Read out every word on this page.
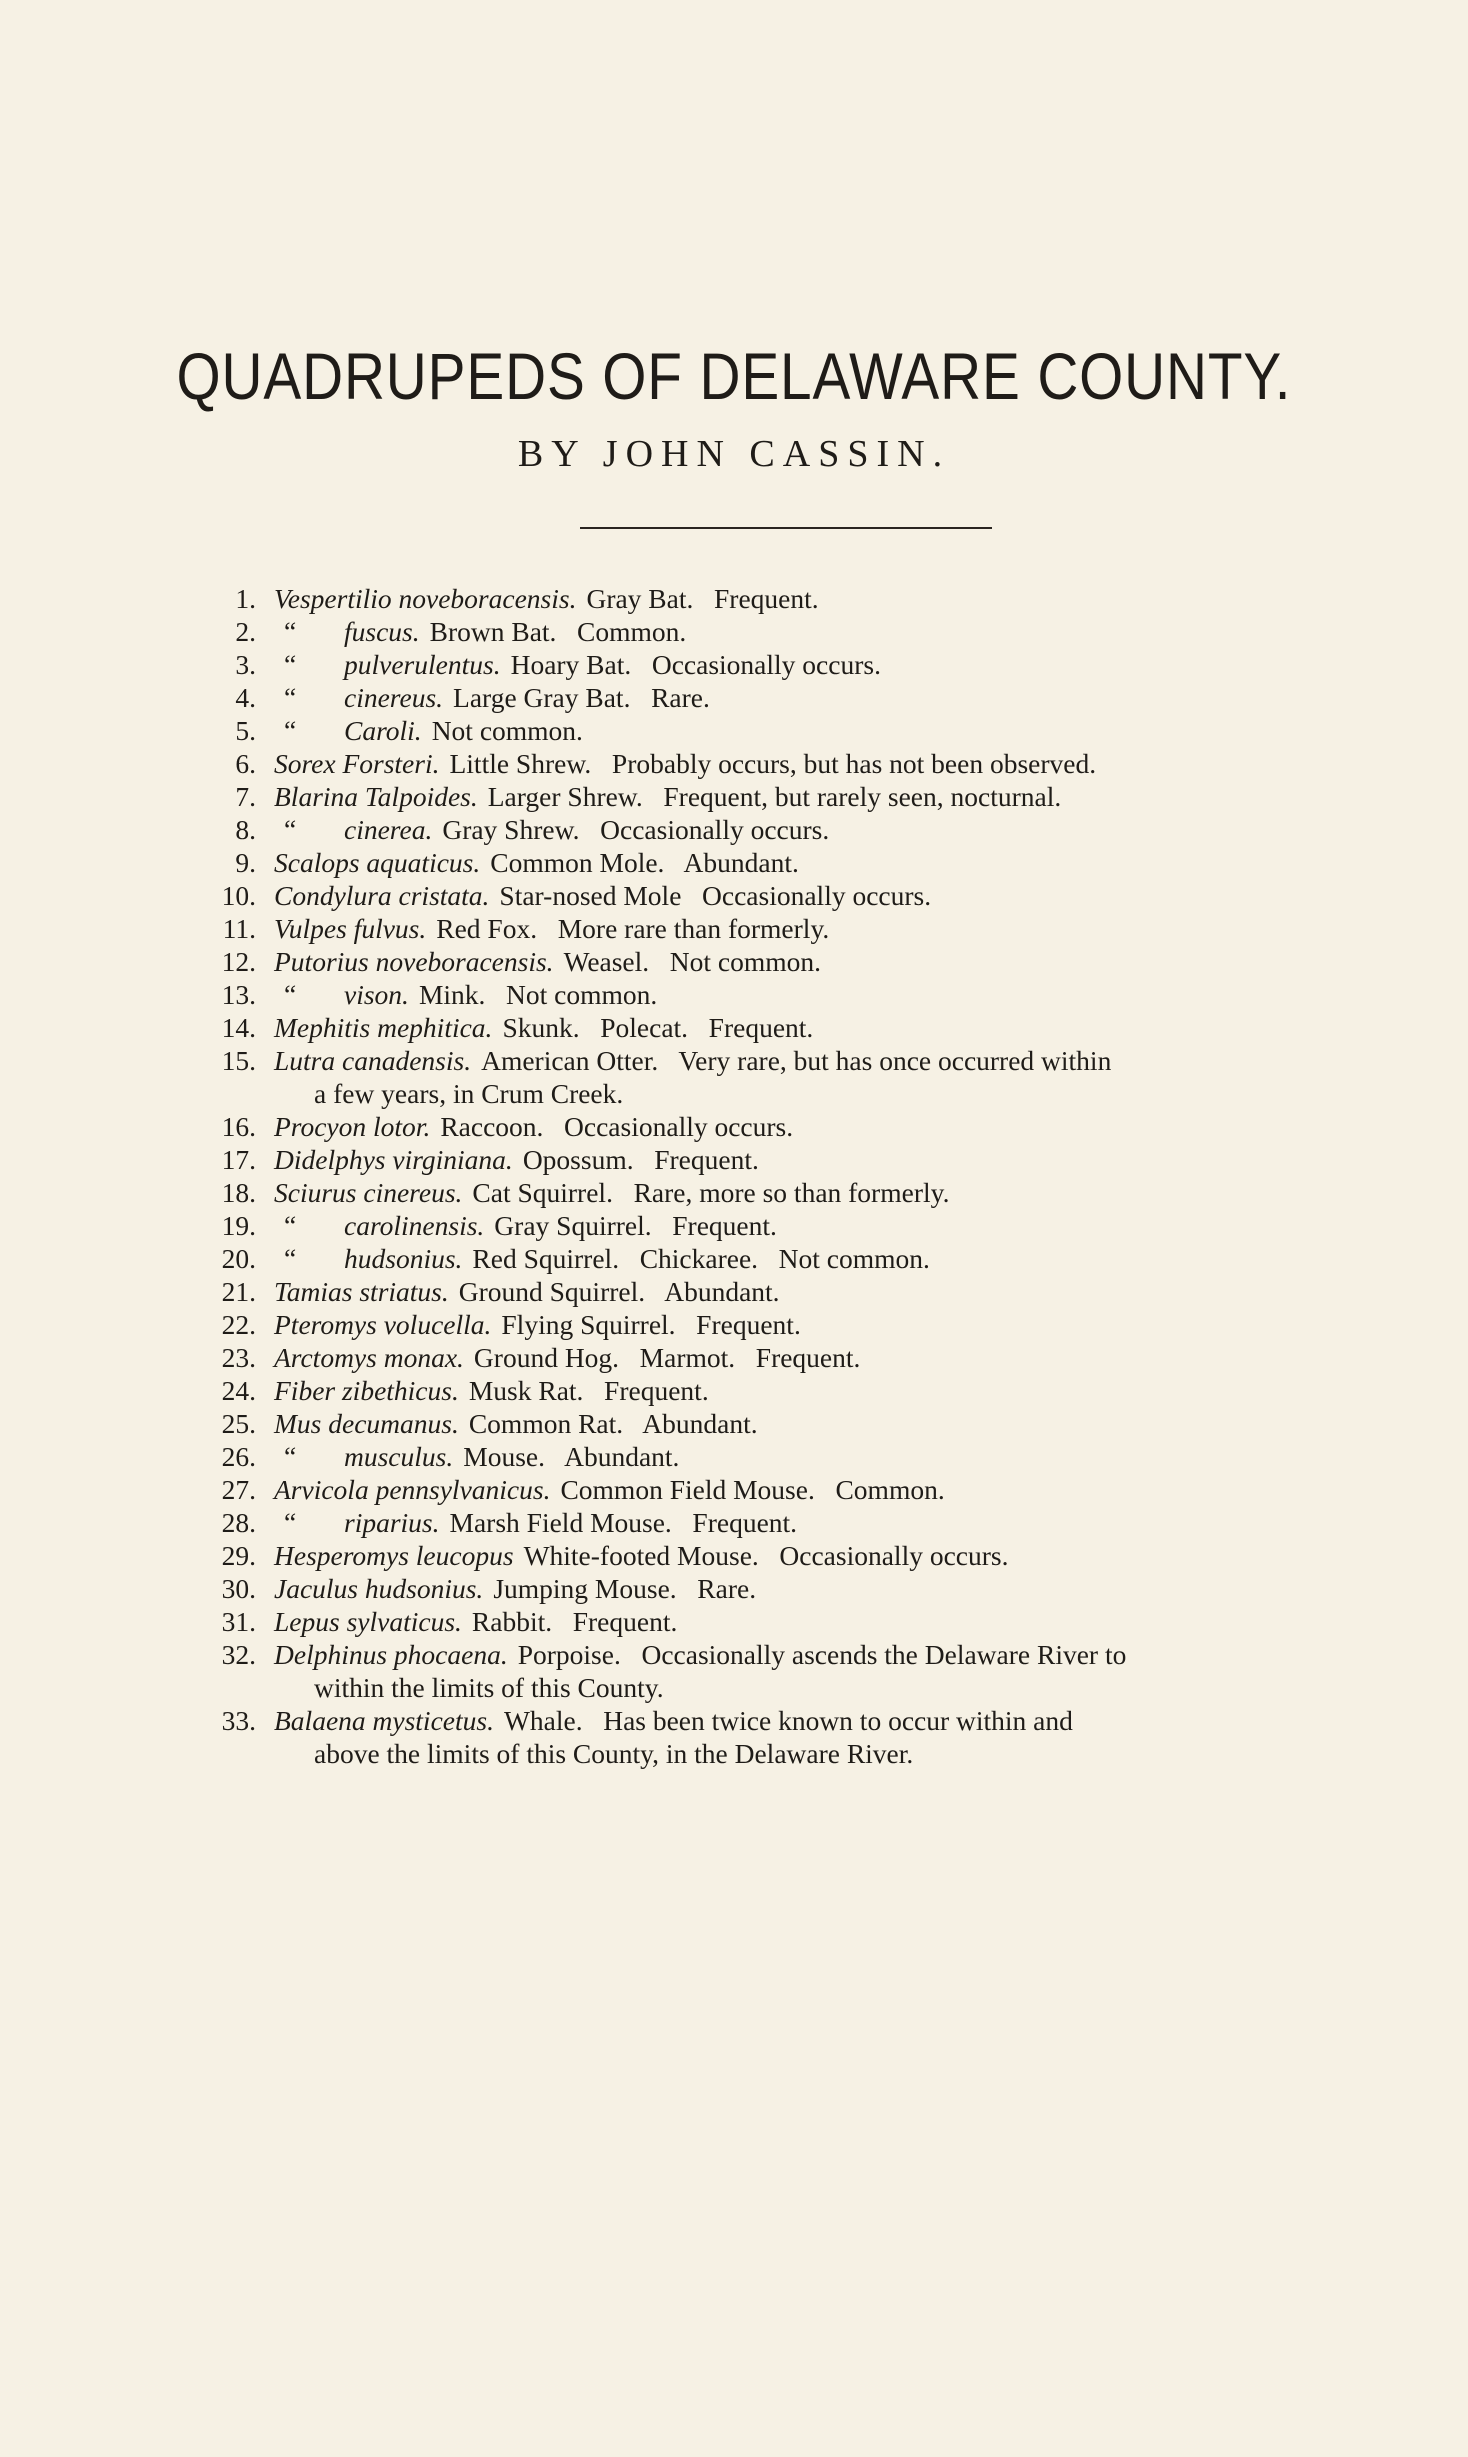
QUADRUPEDS OF DELAWARE COUNTY.

BY JOHN CASSIN.

1. Vespertilio noveboracensis. Gray Bat.   Frequent.
2. “ fuscus. Brown Bat.   Common.
3. “ pulverulentus. Hoary Bat.   Occasionally occurs.
4. “ cinereus. Large Gray Bat.   Rare.
5. “ Caroli. Not common.
6. Sorex Forsteri. Little Shrew.   Probably occurs, but has not been observed.
7. Blarina Talpoides. Larger Shrew.   Frequent, but rarely seen, nocturnal.
8. “ cinerea. Gray Shrew.   Occasionally occurs.
9. Scalops aquaticus. Common Mole.   Abundant.
10. Condylura cristata. Star-nosed Mole   Occasionally occurs.
11. Vulpes fulvus. Red Fox.   More rare than formerly.
12. Putorius noveboracensis. Weasel.   Not common.
13. “ vison. Mink.   Not common.
14. Mephitis mephitica. Skunk.   Polecat.   Frequent.
15. Lutra canadensis. American Otter.   Very rare, but has once occurred within
a few years, in Crum Creek.
16. Procyon lotor. Raccoon.   Occasionally occurs.
17. Didelphys virginiana. Opossum.   Frequent.
18. Sciurus cinereus. Cat Squirrel.   Rare, more so than formerly.
19. “ carolinensis. Gray Squirrel.   Frequent.
20. “ hudsonius. Red Squirrel.   Chickaree.   Not common.
21. Tamias striatus. Ground Squirrel.   Abundant.
22. Pteromys volucella. Flying Squirrel.   Frequent.
23. Arctomys monax. Ground Hog.   Marmot.   Frequent.
24. Fiber zibethicus. Musk Rat.   Frequent.
25. Mus decumanus. Common Rat.   Abundant.
26. “ musculus. Mouse.   Abundant.
27. Arvicola pennsylvanicus. Common Field Mouse.   Common.
28. “ riparius. Marsh Field Mouse.   Frequent.
29. Hesperomys leucopus White-footed Mouse.   Occasionally occurs.
30. Jaculus hudsonius. Jumping Mouse.   Rare.
31. Lepus sylvaticus. Rabbit.   Frequent.
32. Delphinus phocaena. Porpoise.   Occasionally ascends the Delaware River to
within the limits of this County.
33. Balaena mysticetus. Whale.   Has been twice known to occur within and
above the limits of this County, in the Delaware River.
